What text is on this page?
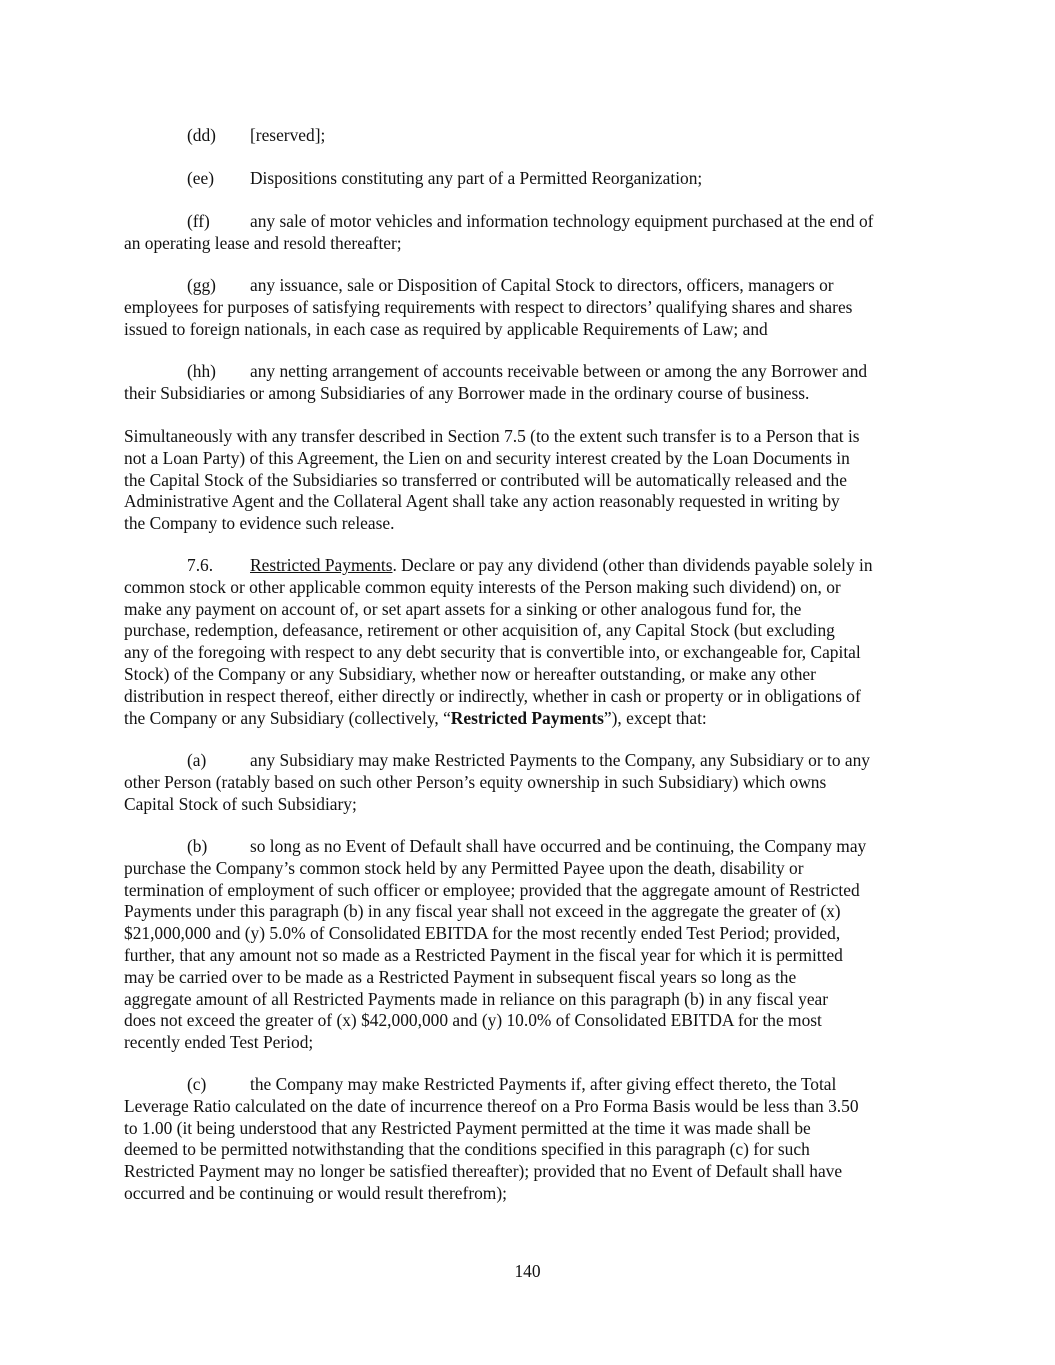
(dd) [reserved];

(ee) Dispositions constituting any part of a Permitted Reorganization;

(ff) any sale of motor vehicles and information technology equipment purchased at the end of
an operating lease and resold thereafter;

(gg) any issuance, sale or Disposition of Capital Stock to directors, officers, managers or
employees for purposes of satisfying requirements with respect to directors’ qualifying shares and shares
issued to foreign nationals, in each case as required by applicable Requirements of Law; and

(hh) any netting arrangement of accounts receivable between or among the any Borrower and
their Subsidiaries or among Subsidiaries of any Borrower made in the ordinary course of business.

Simultaneously with any transfer described in Section 7.5 (to the extent such transfer is to a Person that is
not a Loan Party) of this Agreement, the Lien on and security interest created by the Loan Documents in
the Capital Stock of the Subsidiaries so transferred or contributed will be automatically released and the
Administrative Agent and the Collateral Agent shall take any action reasonably requested in writing by
the Company to evidence such release.

7.6. Restricted Payments. Declare or pay any dividend (other than dividends payable solely in
common stock or other applicable common equity interests of the Person making such dividend) on, or
make any payment on account of, or set apart assets for a sinking or other analogous fund for, the
purchase, redemption, defeasance, retirement or other acquisition of, any Capital Stock (but excluding
any of the foregoing with respect to any debt security that is convertible into, or exchangeable for, Capital
Stock) of the Company or any Subsidiary, whether now or hereafter outstanding, or make any other
distribution in respect thereof, either directly or indirectly, whether in cash or property or in obligations of
the Company or any Subsidiary (collectively, “Restricted Payments”), except that:

(a)	any Subsidiary may make Restricted Payments to the Company, any Subsidiary or to any
other Person (ratably based on such other Person’s equity ownership in such Subsidiary) which owns
Capital Stock of such Subsidiary;

(b) so long as no Event of Default shall have occurred and be continuing, the Company may
purchase the Company’s common stock held by any Permitted Payee upon the death, disability or
termination of employment of such officer or employee; provided that the aggregate amount of Restricted
Payments under this paragraph (b) in any fiscal year shall not exceed in the aggregate the greater of (x)
$21,000,000 and (y) 5.0% of Consolidated EBITDA for the most recently ended Test Period; provided,
further, that any amount not so made as a Restricted Payment in the fiscal year for which it is permitted
may be carried over to be made as a Restricted Payment in subsequent fiscal years so long as the
aggregate amount of all Restricted Payments made in reliance on this paragraph (b) in any fiscal year
does not exceed the greater of (x) $42,000,000 and (y) 10.0% of Consolidated EBITDA for the most
recently ended Test Period;

(c)	the Company may make Restricted Payments if, after giving effect thereto, the Total
Leverage Ratio calculated on the date of incurrence thereof on a Pro Forma Basis would be less than 3.50
to 1.00 (it being understood that any Restricted Payment permitted at the time it was made shall be
deemed to be permitted notwithstanding that the conditions specified in this paragraph (c) for such
Restricted Payment may no longer be satisfied thereafter); provided that no Event of Default shall have
occurred and be continuing or would result therefrom);

140
